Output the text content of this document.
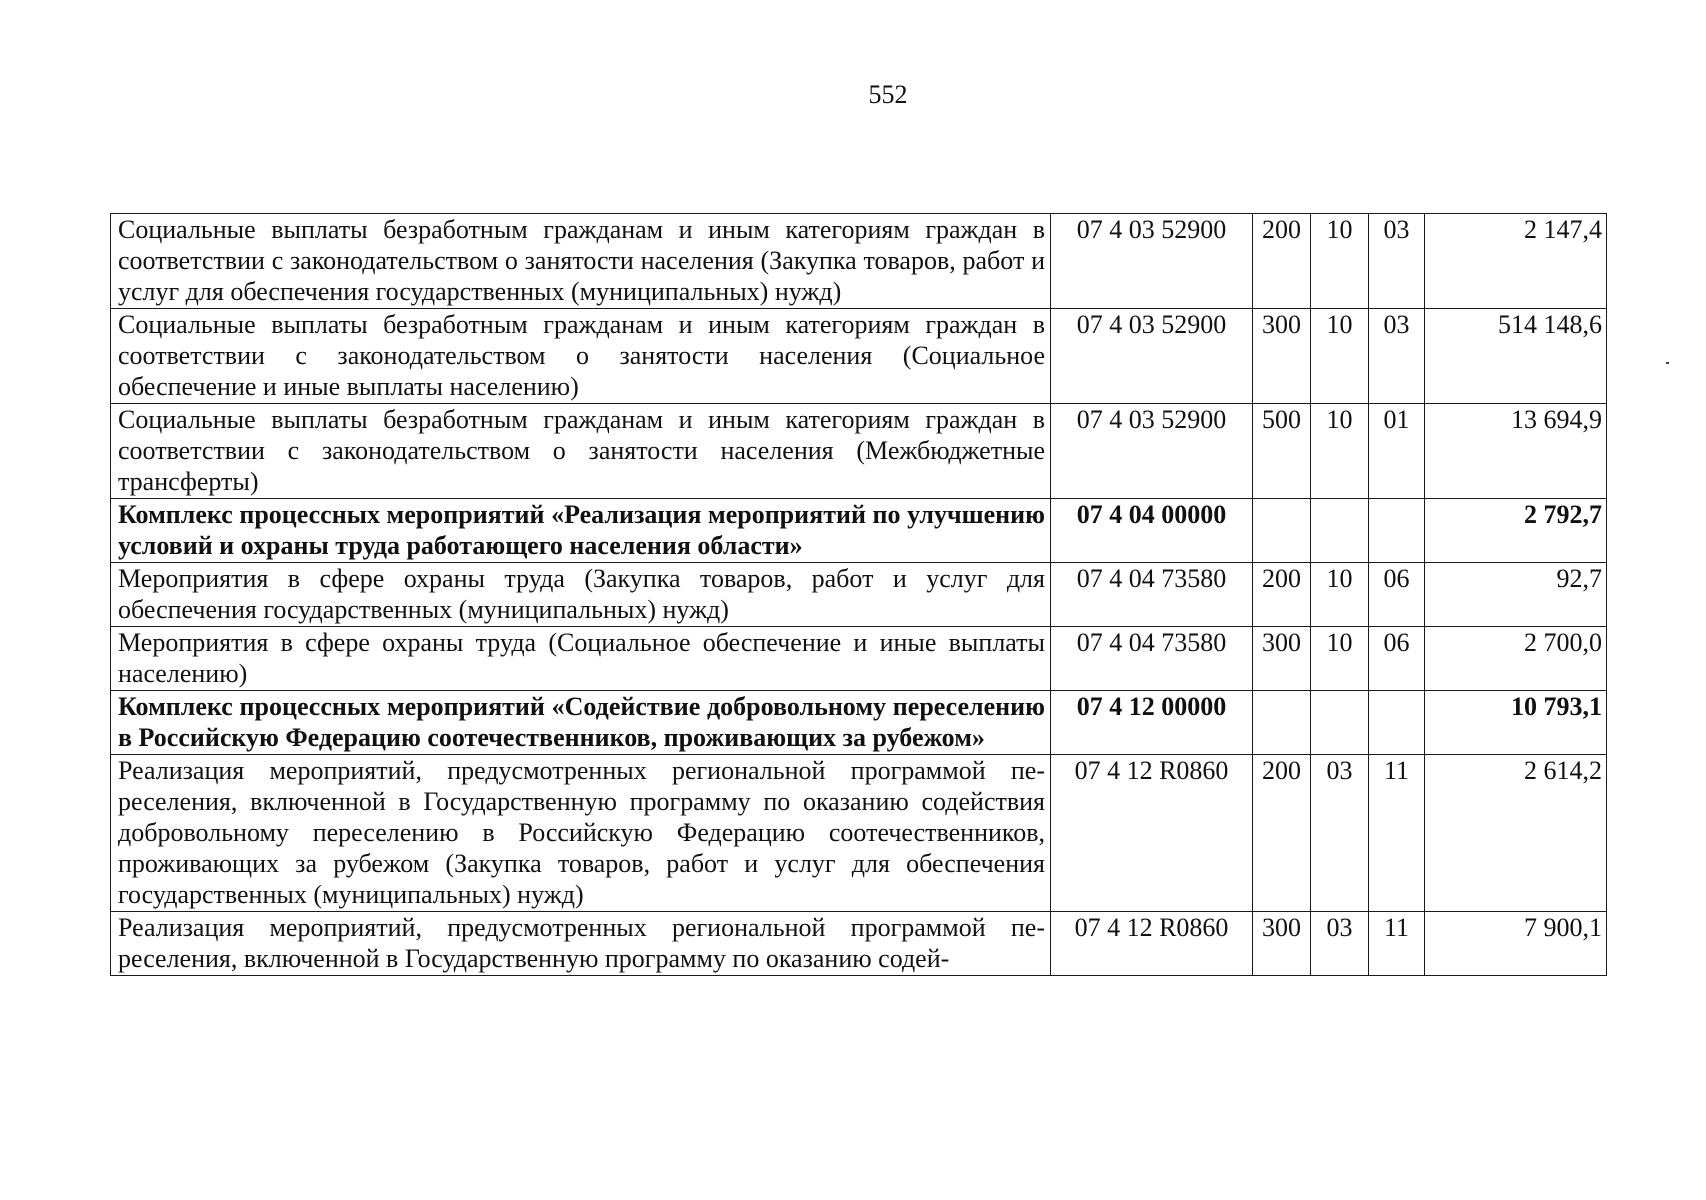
552
Социальные выплаты безработным гражданам и иным категориям граждан в соответствии с законодательством о занятости населения (Закупка товаров, работ и услуг для обеспечения государственных (муниципальных) нужд)	07 4 03 52900	200	10	03	2 147,4
Социальные выплаты безработным гражданам и иным категориям граждан в соответствии с законодательством о занятости населения (Социальное обеспечение и иные выплаты населению)	07 4 03 52900	300	10	03	514 148,6
Социальные выплаты безработным гражданам и иным категориям граждан в соответствии с законодательством о занятости населения (Межбюджетные трансферты)	07 4 03 52900	500	10	01	13 694,9
Комплекс процессных мероприятий «Реализация мероприятий по улучшению условий и охраны труда работающего населения области»	07 4 04 00000				2 792,7
Мероприятия в сфере охраны труда (Закупка товаров, работ и услуг для обеспечения государственных (муниципальных) нужд)	07 4 04 73580	200	10	06	92,7
Мероприятия в сфере охраны труда (Социальное обеспечение и иные выплаты населению)	07 4 04 73580	300	10	06	2 700,0
Комплекс процессных мероприятий «Содействие добровольному переселению в Российскую Федерацию соотечественников, проживающих за рубежом»	07 4 12 00000				10 793,1
Реализация мероприятий, предусмотренных региональной программой переселения, включенной в Государственную программу по оказанию содействия добровольному переселению в Российскую Федерацию соотечественников, проживающих за рубежом (Закупка товаров, работ и услуг для обеспечения государственных (муниципальных) нужд)	07 4 12 R0860	200	03	11	2 614,2
Реализация мероприятий, предусмотренных региональной программой переселения, включенной в Государственную программу по оказанию содей-	07 4 12 R0860	300	03	11	7 900,1
